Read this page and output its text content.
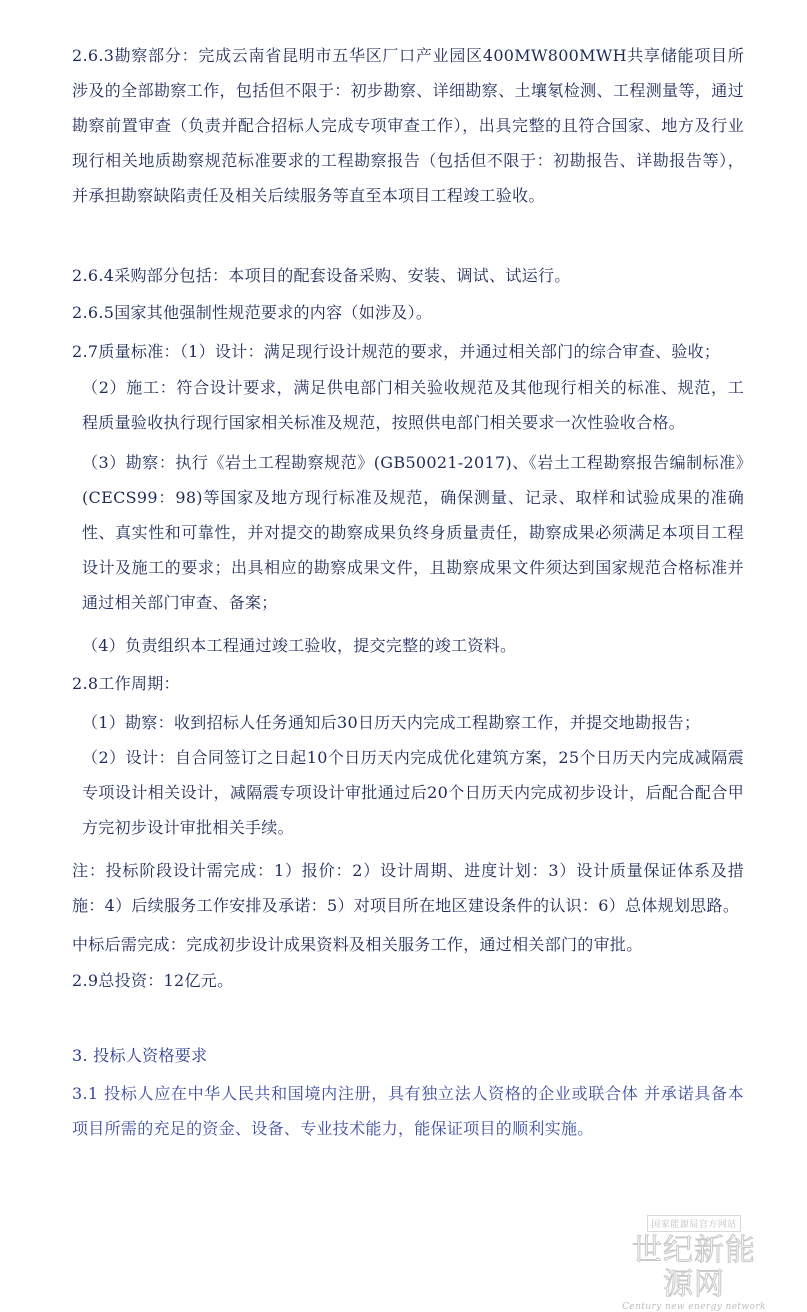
2.6.3勘察部分：完成云南省昆明市五华区厂口产业园区400MW800MWH共享储能项目所涉及的全部勘察工作，包括但不限于：初步勘察、详细勘察、土壤氡检测、工程测量等，通过勘察前置审查（负责并配合招标人完成专项审查工作），出具完整的且符合国家、地方及行业现行相关地质勘察规范标准要求的工程勘察报告（包括但不限于：初勘报告、详勘报告等），并承担勘察缺陷责任及相关后续服务等直至本项目工程竣工验收。

2.6.4采购部分包括：本项目的配套设备采购、安装、调试、试运行。

2.6.5国家其他强制性规范要求的内容（如涉及）。

2.7质量标准：（1）设计：满足现行设计规范的要求，并通过相关部门的综合审查、验收；

（2）施工：符合设计要求，满足供电部门相关验收规范及其他现行相关的标准、规范，工程质量验收执行现行国家相关标准及规范，按照供电部门相关要求一次性验收合格。

（3）勘察：执行《岩土工程勘察规范》(GB50021-2017)、《岩土工程勘察报告编制标准》(CECS99：98)等国家及地方现行标准及规范，确保测量、记录、取样和试验成果的准确性、真实性和可靠性，并对提交的勘察成果负终身质量责任，勘察成果必须满足本项目工程设计及施工的要求；出具相应的勘察成果文件，且勘察成果文件须达到国家规范合格标准并通过相关部门审查、备案；

（4）负责组织本工程通过竣工验收，提交完整的竣工资料。

2.8工作周期：

（1）勘察：收到招标人任务通知后30日历天内完成工程勘察工作，并提交地勘报告；

（2）设计：自合同签订之日起10个日历天内完成优化建筑方案，25个日历天内完成减隔震专项设计相关设计，减隔震专项设计审批通过后20个日历天内完成初步设计，后配合配合甲方完初步设计审批相关手续。

注：投标阶段设计需完成：1）报价：2）设计周期、进度计划：3）设计质量保证体系及措施：4）后续服务工作安排及承诺：5）对项目所在地区建设条件的认识：6）总体规划思路。

中标后需完成：完成初步设计成果资料及相关服务工作，通过相关部门的审批。

2.9总投资：12亿元。

3. 投标人资格要求

3.1 投标人应在中华人民共和国境内注册，具有独立法人资格的企业或联合体 并承诺具备本项目所需的充足的资金、设备、专业技术能力，能保证项目的顺利实施。

国家能源局官方网站
世纪新能源网
Century new energy network
